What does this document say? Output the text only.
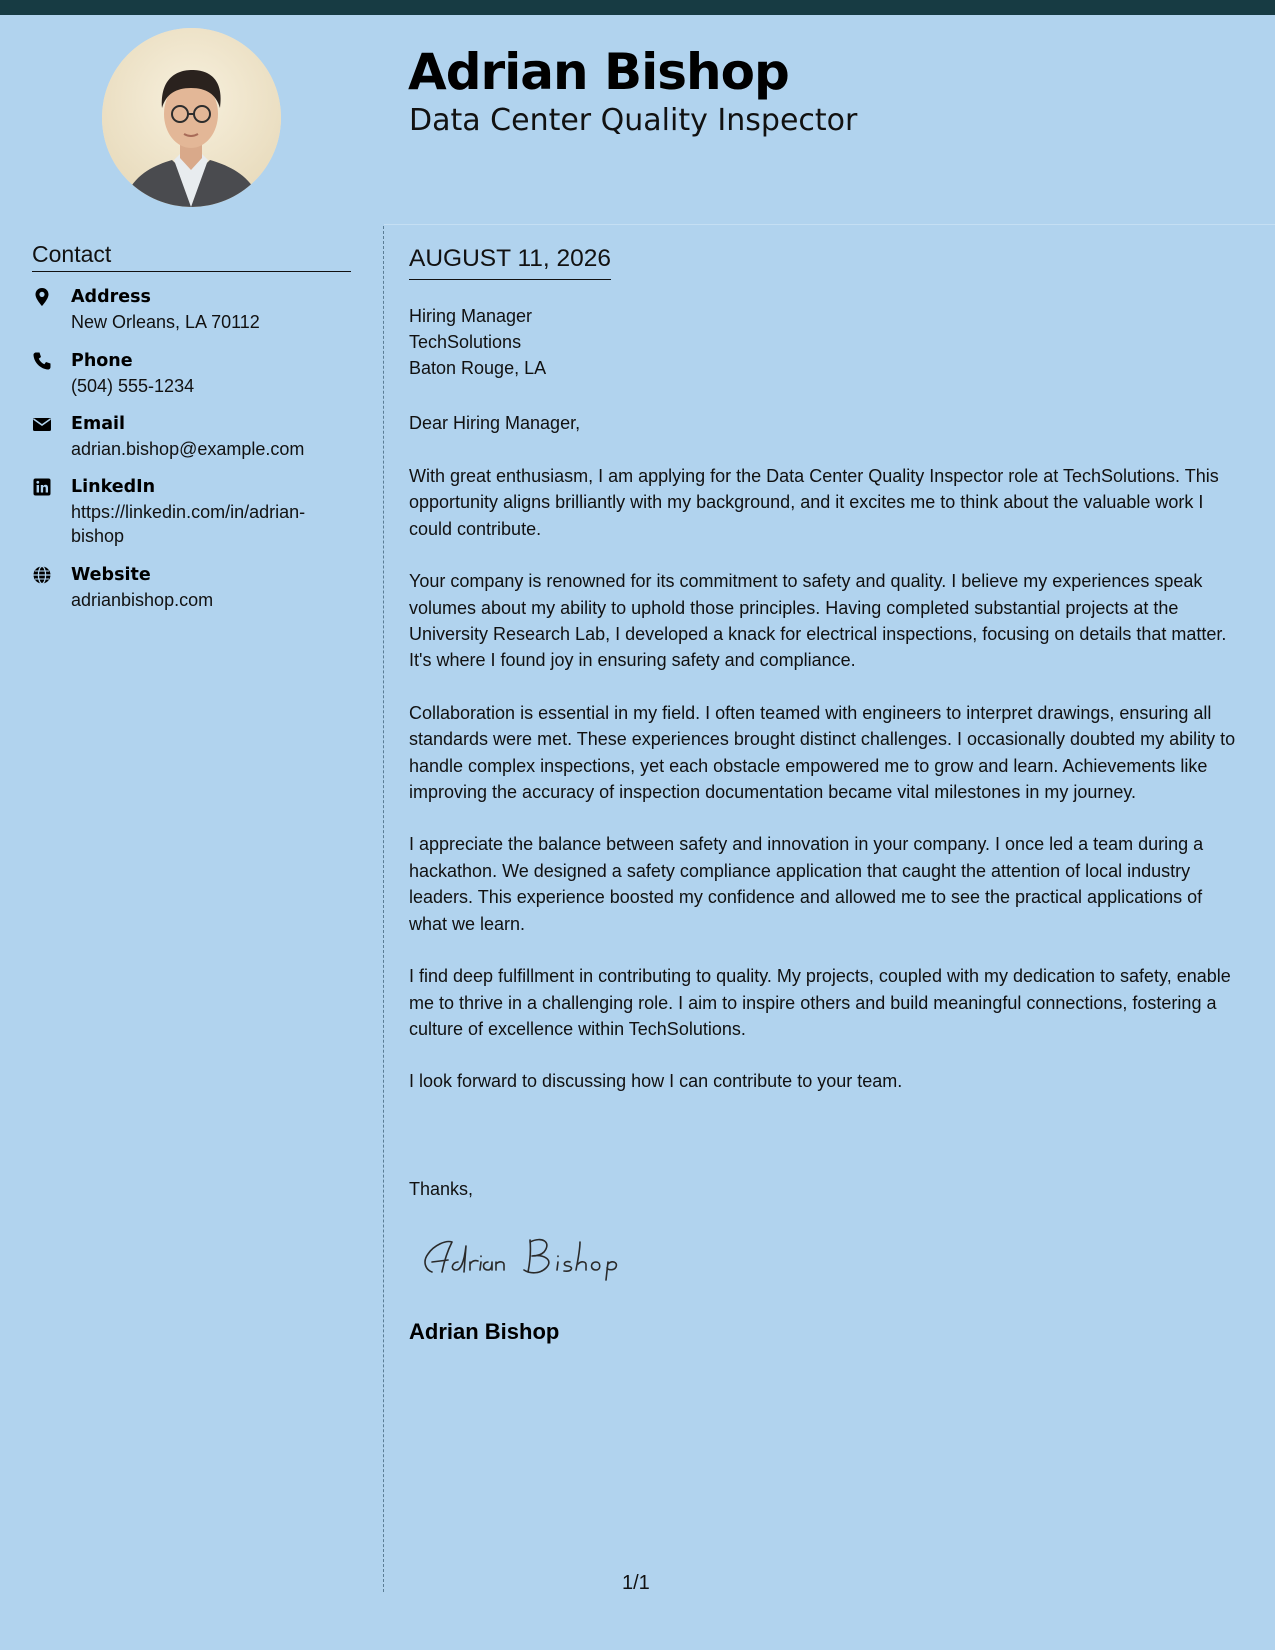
Adrian Bishop
Data Center Quality Inspector
Contact
Address
New Orleans, LA 70112
Phone
(504) 555-1234
Email
adrian.bishop@example.com
LinkedIn
https://linkedin.com/in/adrian-bishop
Website
adrianbishop.com
AUGUST 11, 2026
Hiring Manager
TechSolutions
Baton Rouge, LA
Dear Hiring Manager,

With great enthusiasm, I am applying for the Data Center Quality Inspector role at TechSolutions. This opportunity aligns brilliantly with my background, and it excites me to think about the valuable work I could contribute.

Your company is renowned for its commitment to safety and quality. I believe my experiences speak volumes about my ability to uphold those principles. Having completed substantial projects at the University Research Lab, I developed a knack for electrical inspections, focusing on details that matter. It's where I found joy in ensuring safety and compliance.

Collaboration is essential in my field. I often teamed with engineers to interpret drawings, ensuring all standards were met. These experiences brought distinct challenges. I occasionally doubted my ability to handle complex inspections, yet each obstacle empowered me to grow and learn. Achievements like improving the accuracy of inspection documentation became vital milestones in my journey.

I appreciate the balance between safety and innovation in your company. I once led a team during a hackathon. We designed a safety compliance application that caught the attention of local industry leaders. This experience boosted my confidence and allowed me to see the practical applications of what we learn.

I find deep fulfillment in contributing to quality. My projects, coupled with my dedication to safety, enable me to thrive in a challenging role. I aim to inspire others and build meaningful connections, fostering a culture of excellence within TechSolutions.

I look forward to discussing how I can contribute to your team.

Thanks,
Adrian Bishop
1/1
